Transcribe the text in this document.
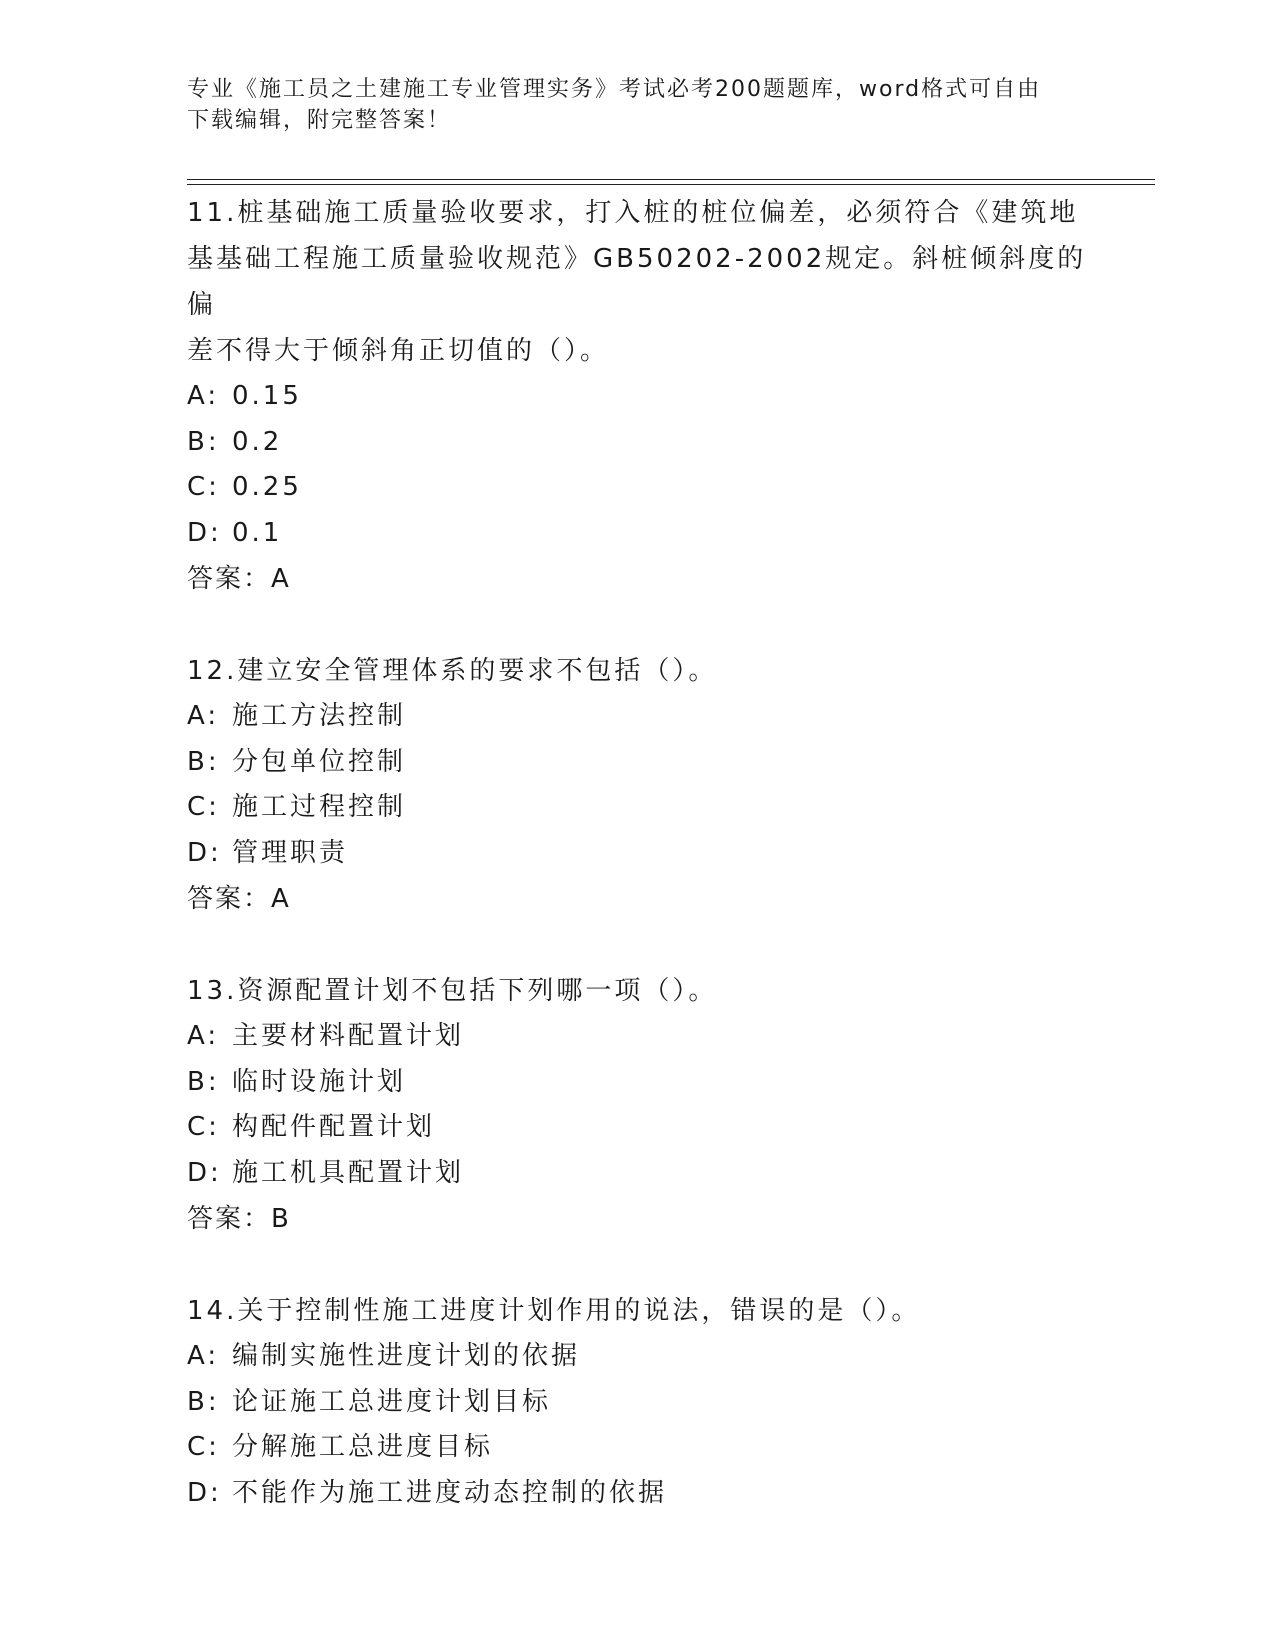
专业《施工员之土建施工专业管理实务》考试必考200题题库，word格式可自由
下载编辑，附完整答案！
11.桩基础施工质量验收要求，打入桩的桩位偏差，必须符合《建筑地
基基础工程施工质量验收规范》GB50202-2002规定。斜桩倾斜度的偏
差不得大于倾斜角正切值的（）。
A: 0.15
B: 0.2
C: 0.25
D: 0.1
答案：A
12.建立安全管理体系的要求不包括（）。
A: 施工方法控制
B: 分包单位控制
C: 施工过程控制
D: 管理职责
答案：A
13.资源配置计划不包括下列哪一项（）。
A: 主要材料配置计划
B: 临时设施计划
C: 构配件配置计划
D: 施工机具配置计划
答案：B
14.关于控制性施工进度计划作用的说法，错误的是（）。
A: 编制实施性进度计划的依据
B: 论证施工总进度计划目标
C: 分解施工总进度目标
D: 不能作为施工进度动态控制的依据
